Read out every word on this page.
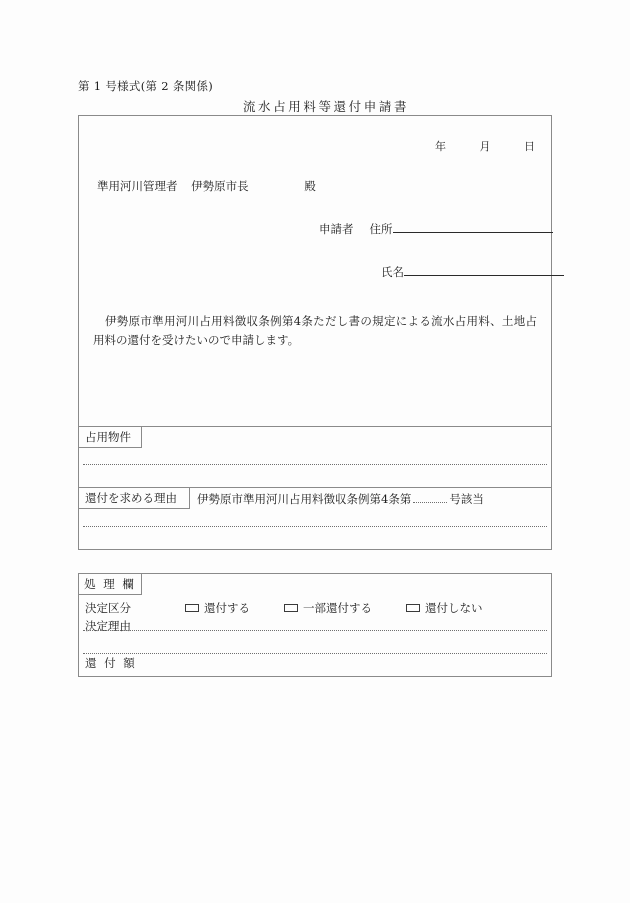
第 1 号様式(第 2 条関係)
流水占用料等還付申請書
年	月	日
準用河川管理者 伊勢原市長	殿
申請者 住所
氏名
伊勢原市準用河川占用料徴収条例第4条ただし書の規定による流水占用料、土地占用料の還付を受けたいので申請します。
占用物件
還付を求める理由	伊勢原市準用河川占用料徴収条例第4条第	号該当
処 理 欄
決定区分	還付する	一部還付する	還付しない
決定理由
還 付 額
